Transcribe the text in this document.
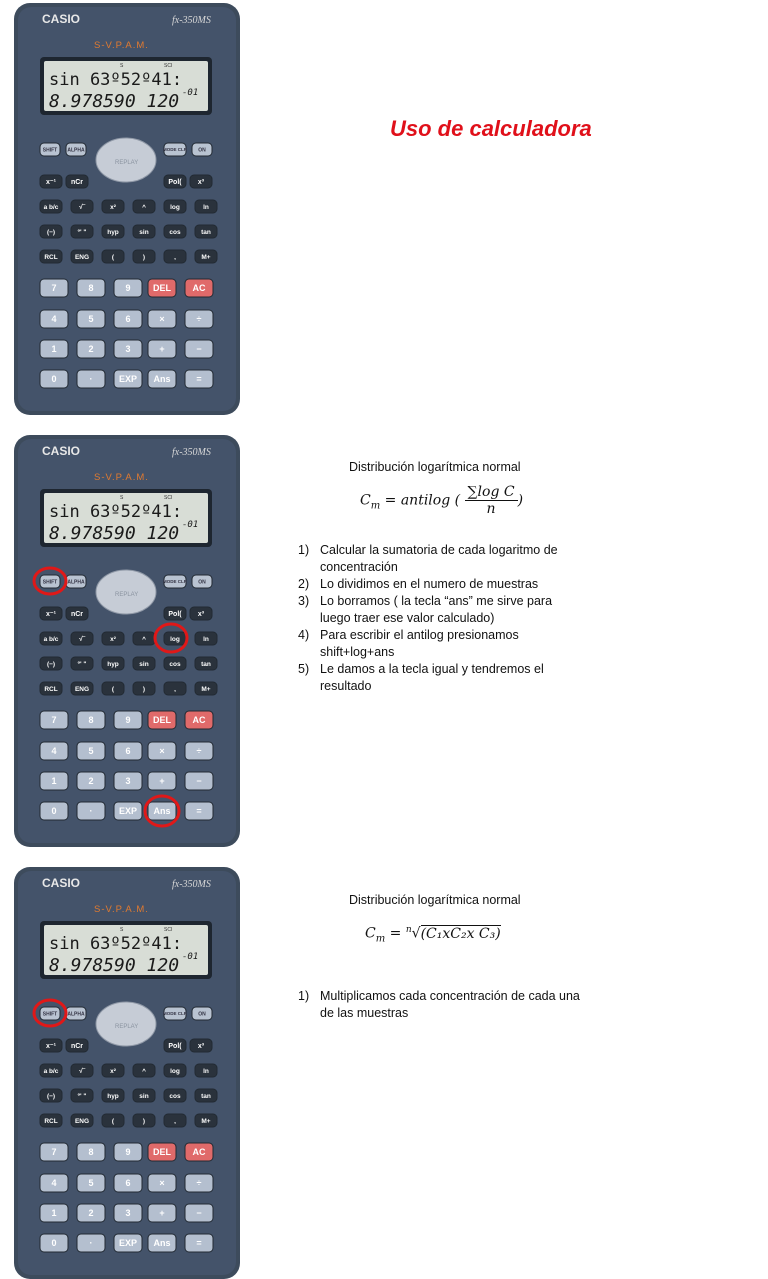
CASIO	fx-350MS
S-V.P.A.M.
S	SCI
sin 63º52º41:
8.978590 120 -01
REPLAY
SHIFT ALPHA	MODE CLR ON
x⁻¹ nCr	Pol( x³
a b/c	√‾	x²	^	log	ln
(−)	º' "	hyp	sin	cos	tan
RCL	ENG	(	)	,	M+
7	8	9 DEL AC
4	5	6	×	÷
1	2	3	+	−
0	·	EXP Ans	=
CASIO	fx-350MS
S-V.P.A.M.
S	SCI
sin 63º52º41:
8.978590 120 -01
REPLAY
SHIFT ALPHA	MODE CLR ON
x⁻¹ nCr	Pol( x³
a b/c	√‾	x²	^	log	ln
(−)	º' "	hyp	sin	cos	tan
RCL	ENG	(	)	,	M+
7	8	9 DEL AC
4	5	6	×	÷
1	2	3	+	−
0	·	EXP Ans	=
CASIO	fx-350MS
S-V.P.A.M.
S	SCI
sin 63º52º41:
8.978590 120 -01
REPLAY
SHIFT ALPHA	MODE CLR ON
x⁻¹ nCr	Pol( x³
a b/c	√‾	x²	^	log	ln
(−)	º' "	hyp	sin	cos	tan
RCL	ENG	(	)	,	M+
7	8	9 DEL AC
4	5	6	×	÷
1	2	3	+	−
0	·	EXP Ans	=
Uso de calculadora
Distribución logarítmica normal
$C_m$ = antilog ( $\frac{\text{∑log C}}{n}$ )
1) Calcular la sumatoria de cada logaritmo de concentración
2) Lo dividimos en el numero de muestras
3) Lo borramos ( la tecla “ans” me sirve para luego traer ese valor calculado)
4) Para escribir el antilog presionamos shift+log+ans
5) Le damos a la tecla igual y tendremos el resultado
Distribución logarítmica normal
$C_m = ^n√(C_1xC_2x$ C₃)
1) Multiplicamos cada concentración de cada una de las muestras
